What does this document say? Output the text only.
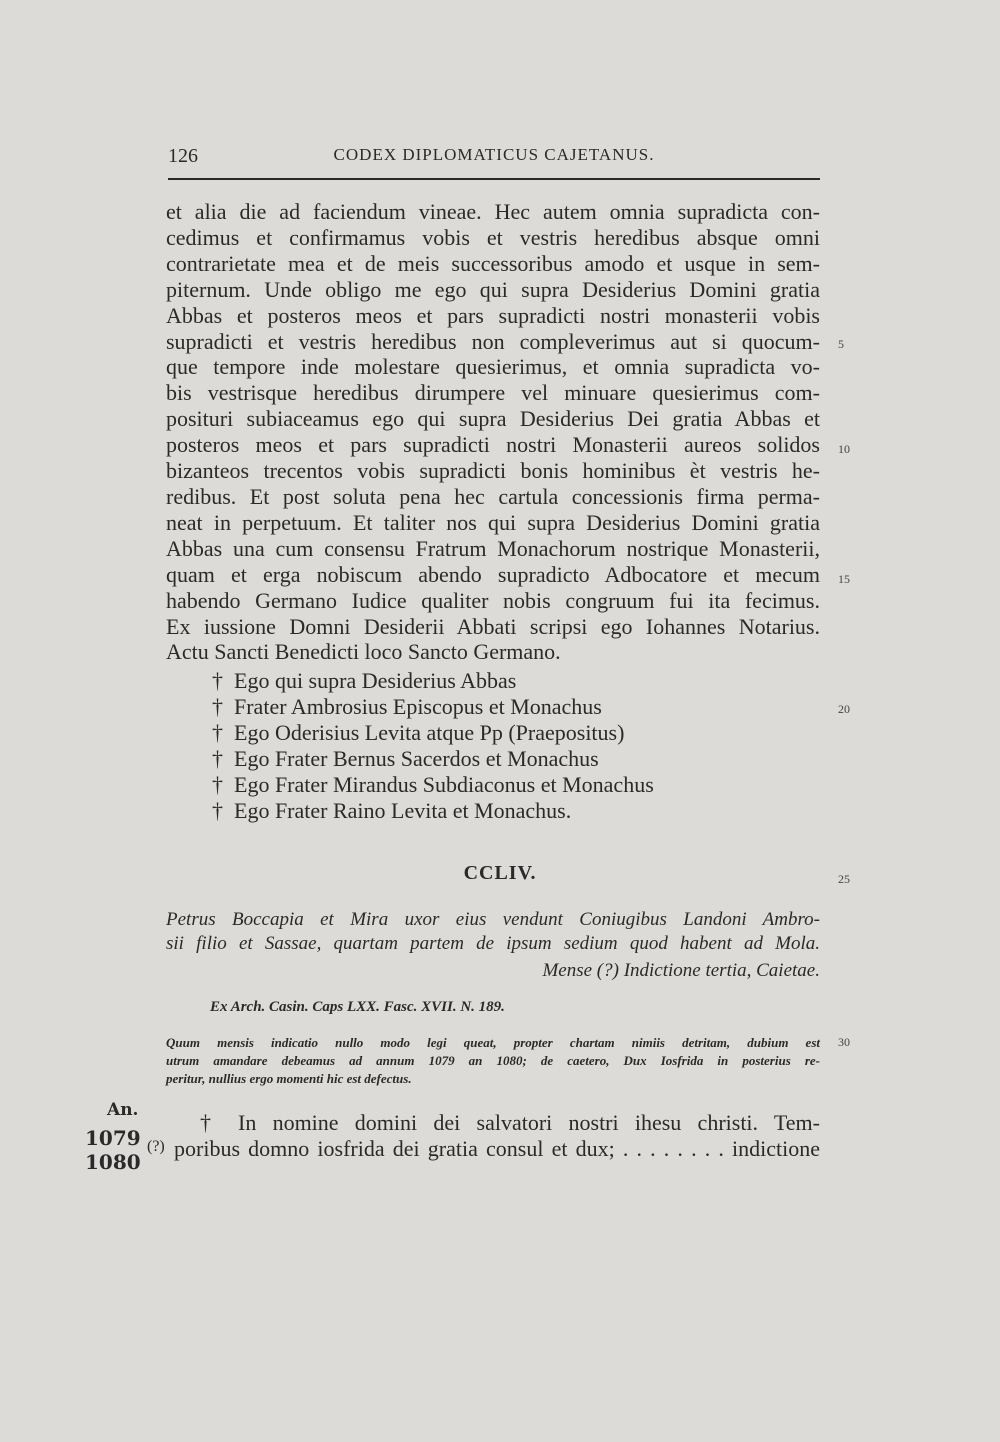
126	CODEX DIPLOMATICUS CAJETANUS.
et alia die ad faciendum vineae. Hec autem omnia supradicta con-
cedimus et confirmamus vobis et vestris heredibus absque omni
contrarietate mea et de meis successoribus amodo et usque in sem-
piternum. Unde obligo me ego qui supra Desiderius Domini gratia
Abbas et posteros meos et pars supradicti nostri monasterii vobis
supradicti et vestris heredibus non compleverimus aut si quocum-
que tempore inde molestare quesierimus, et omnia supradicta vo-
bis vestrisque heredibus dirumpere vel minuare quesierimus com-
posituri subiaceamus ego qui supra Desiderius Dei gratia Abbas et
posteros meos et pars supradicti nostri Monasterii aureos solidos
bizanteos trecentos vobis supradicti bonis hominibus èt vestris he-
redibus. Et post soluta pena hec cartula concessionis firma perma-
neat in perpetuum. Et taliter nos qui supra Desiderius Domini gratia
Abbas una cum consensu Fratrum Monachorum nostrique Monasterii,
quam et erga nobiscum abendo supradicto Adbocatore et mecum
habendo Germano Iudice qualiter nobis congruum fui ita fecimus.
Ex iussione Domni Desiderii Abbati scripsi ego Iohannes Notarius.
Actu Sancti Benedicti loco Sancto Germano.
† Ego qui supra Desiderius Abbas
† Frater Ambrosius Episcopus et Monachus
† Ego Oderisius Levita atque Pp (Praepositus)
† Ego Frater Bernus Sacerdos et Monachus
† Ego Frater Mirandus Subdiaconus et Monachus
† Ego Frater Raino Levita et Monachus.
CCLIV.
Petrus Boccapia et Mira uxor eius vendunt Coniugibus Landoni Ambro-
sii filio et Sassae, quartam partem de ipsum sedium quod habent ad Mola.
Mense (?) Indictione tertia, Caietae.
Ex Arch. Casin. Caps LXX. Fasc. XVII. N. 189.
Quum mensis indicatio nullo modo legi queat, propter chartam nimiis detritam, dubium est
utrum amandare debeamus ad annum 1079 an 1080; de caetero, Dux Iosfrida in posterius re-
peritur, nullius ergo momenti hic est defectus.
An.
1079
1080
(?)
† In nomine domini dei salvatori nostri ihesu christi. Tem-
poribus domno iosfrida dei gratia consul et dux; . . . . . . . . indictione
5
10
15
20
25
30
